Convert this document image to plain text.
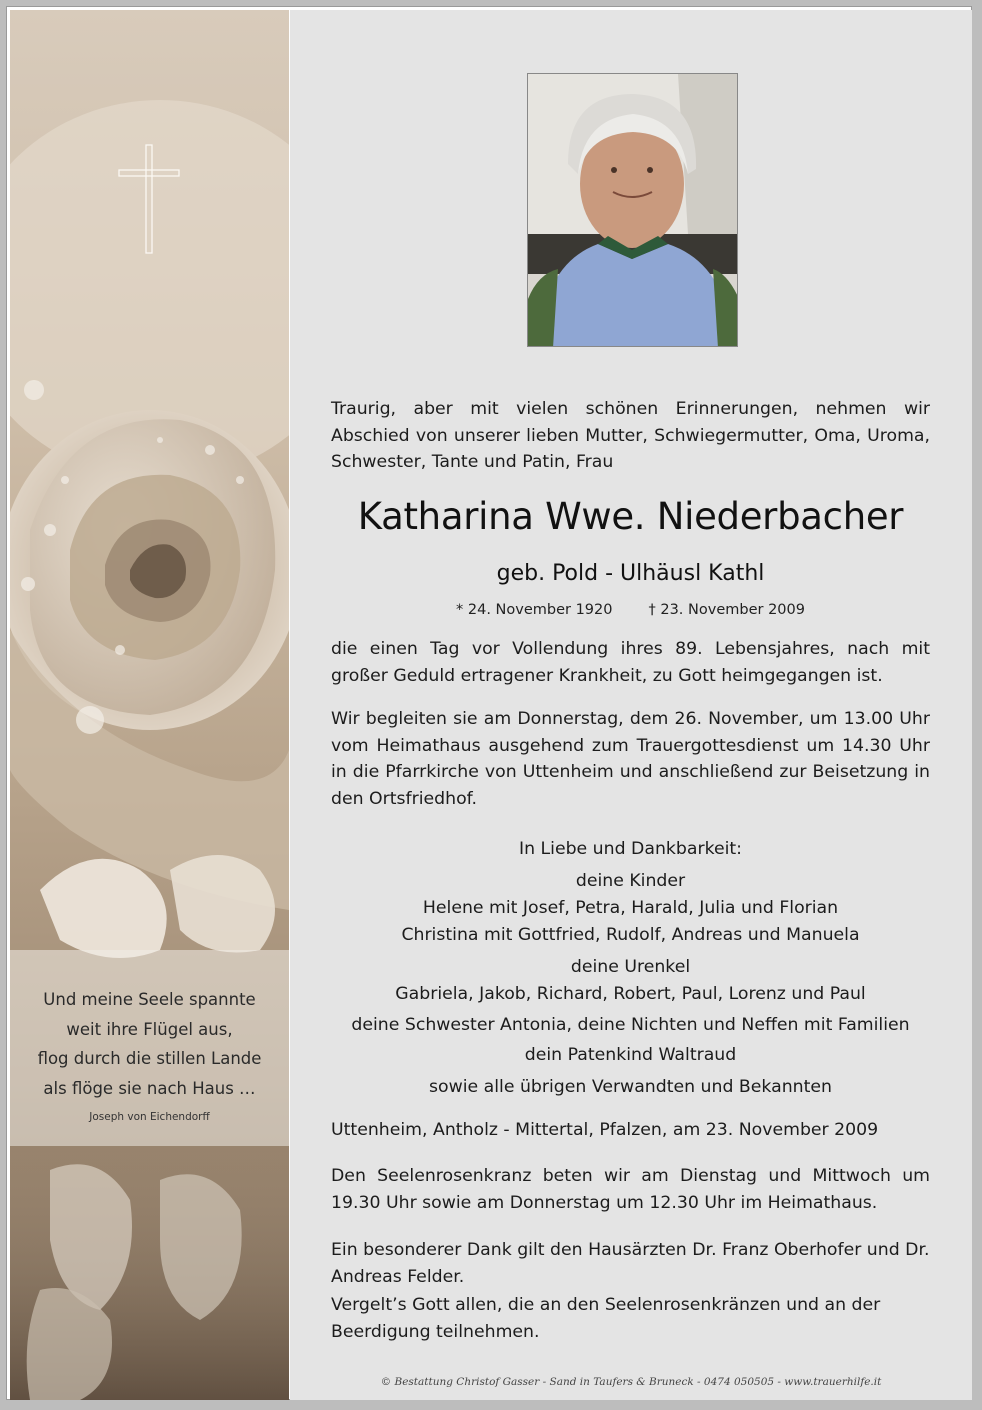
Und meine Seele spannte
weit ihre Flügel aus,
flog durch die stillen Lande
als flöge sie nach Haus …
Joseph von Eichendorff
Traurig, aber mit vielen schönen Erinnerungen, nehmen wir Abschied von unserer lieben Mutter, Schwiegermutter, Oma, Uroma, Schwester, Tante und Patin, Frau
Katharina Wwe. Niederbacher
geb. Pold - Ulhäusl Kathl
* 24. November 1920 † 23. November 2009
die einen Tag vor Vollendung ihres 89. Lebensjahres, nach mit großer Geduld ertragener Krankheit, zu Gott heimgegangen ist.
Wir begleiten sie am Donnerstag, dem 26. November, um 13.00 Uhr vom Heimathaus ausgehend zum Trauergottesdienst um 14.30 Uhr in die Pfarrkirche von Uttenheim und anschließend zur Beisetzung in den Ortsfriedhof.
In Liebe und Dankbarkeit:
deine Kinder
Helene mit Josef, Petra, Harald, Julia und Florian
Christina mit Gottfried, Rudolf, Andreas und Manuela
deine Urenkel
Gabriela, Jakob, Richard, Robert, Paul, Lorenz und Paul
deine Schwester Antonia, deine Nichten und Neffen mit Familien
dein Patenkind Waltraud
sowie alle übrigen Verwandten und Bekannten
Uttenheim, Antholz - Mittertal, Pfalzen, am 23. November 2009
Den Seelenrosenkranz beten wir am Dienstag und Mittwoch um 19.30 Uhr sowie am Donnerstag um 12.30 Uhr im Heimathaus.
Ein besonderer Dank gilt den Hausärzten Dr. Franz Oberhofer und Dr. Andreas Felder.
Vergelt’s Gott allen, die an den Seelenrosenkränzen und an der Beerdigung teilnehmen.
© Bestattung Christof Gasser - Sand in Taufers & Bruneck - 0474 050505 - www.trauerhilfe.it
